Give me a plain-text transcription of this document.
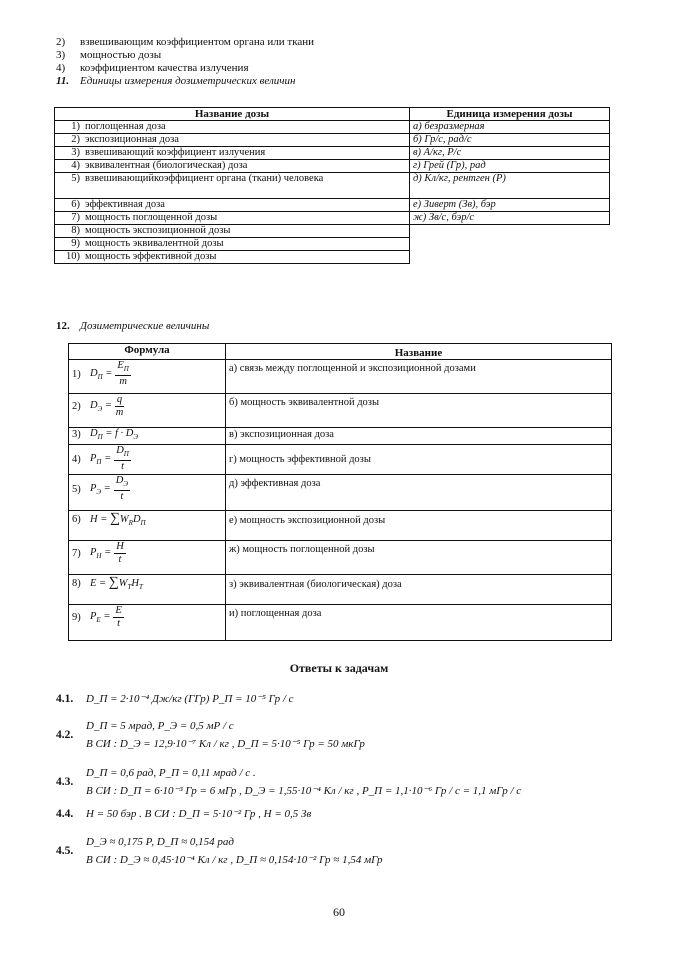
2) взвешивающим коэффициентом органа или ткани
3) мощностью дозы
4) коэффициентом качества излучения
11. Единицы измерения дозиметрических величин
Название дозы	Единица измерения дозы
1) поглощенная доза	а) безразмерная
2) экспозиционная доза	б) Гр/с, рад/с
3) взвешивающий коэффициент излучения	в) А/кг, Р/с
4) эквивалентная (биологическая) доза	г) Грей (Гр), рад
5) взвешивающийкоэффициент органа (ткани) человека	д) Кл/кг, рентген (Р)
6) эффективная доза	е) Зиверт (Зв), бэр
7) мощность поглощенной дозы	ж) Зв/с, бэр/с
8) мощность экспозиционной дозы	
9) мощность эквивалентной дозы	
10) мощность эффективной дозы	
12. Дозиметрические величины
Формула	Название

1) $D_П = \frac{E_П}{m}$	а) связь между поглощенной и экспозиционной дозами

2) $D_Э = \frac{q}{m}$	б) мощность эквивалентной дозы

3) $D_П = f \cdot D_Э$	в) экспозиционная доза

4) $P_П = \frac{D_П}{t}$	г) мощность эффективной дозы

5) $P_Э = \frac{D_Э}{t}$	д) эффективная доза

6) $H = \sum W_RD_П$	е) мощность экспозиционной дозы

7) $P_H = \frac{H}{t}$	ж) мощность поглощенной дозы

8) $E = \sum W_TH_T$	з) эквивалентная (биологическая) доза

9) $P_E = \frac{E}{t}$	и) поглощенная доза
Ответы к задачам
4.1. D_П = 2·10⁻⁴ Дж/кг (ГГр) P_П = 10⁻⁵ Гр / с
4.2.
D_П = 5 мрад, P_Э = 0,5 мР / с
В СИ : D_Э = 12,9·10⁻⁷ Кл / кг , D_П = 5·10⁻⁵ Гр = 50 мкГр
4.3.
D_П = 0,6 рад, P_П = 0,11 мрад / с .
В СИ : D_П = 6·10⁻³ Гр = 6 мГр , D_Э = 1,55·10⁻⁴ Кл / кг , P_П = 1,1·10⁻⁶ Гр / с = 1,1 мГр / с
4.4. H = 50 бэр . В СИ : D_П = 5·10⁻² Гр , H = 0,5 Зв
4.5.
D_Э ≈ 0,175 Р, D_П ≈ 0,154 рад
В СИ : D_Э ≈ 0,45·10⁻⁴ Кл / кг , D_П ≈ 0,154·10⁻² Гр ≈ 1,54 мГр
60
